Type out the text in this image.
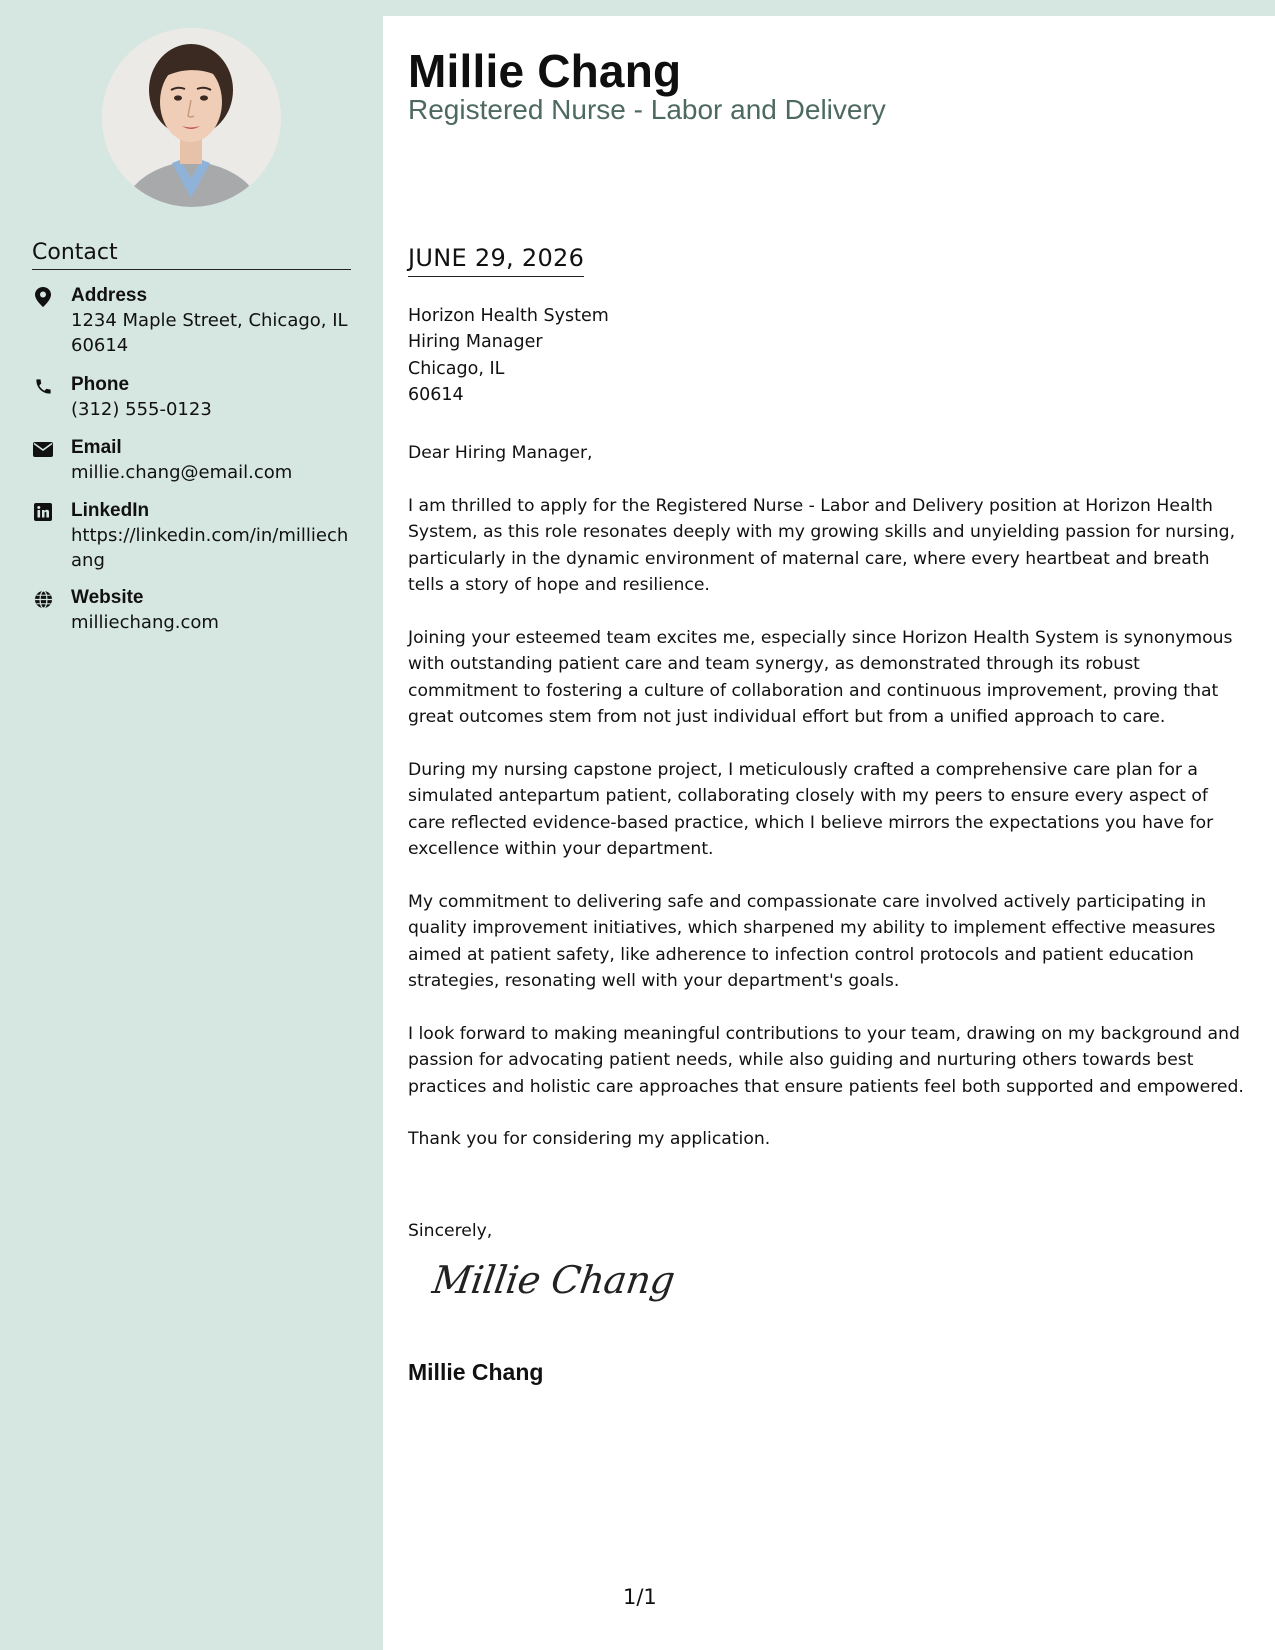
Contact
Address
1234 Maple Street, Chicago, IL 60614
Phone
(312) 555-0123
Email
millie.chang@email.com
LinkedIn
https://linkedin.com/in/milliechang
Website
milliechang.com
Millie Chang
Registered Nurse - Labor and Delivery
JUNE 29, 2026
Horizon Health System
Hiring Manager
Chicago, IL
60614

Dear Hiring Manager,

I am thrilled to apply for the Registered Nurse - Labor and Delivery position at Horizon Health System, as this role resonates deeply with my growing skills and unyielding passion for nursing, particularly in the dynamic environment of maternal care, where every heartbeat and breath tells a story of hope and resilience.

Joining your esteemed team excites me, especially since Horizon Health System is synonymous with outstanding patient care and team synergy, as demonstrated through its robust commitment to fostering a culture of collaboration and continuous improvement, proving that great outcomes stem from not just individual effort but from a unified approach to care.

During my nursing capstone project, I meticulously crafted a comprehensive care plan for a simulated antepartum patient, collaborating closely with my peers to ensure every aspect of care reflected evidence-based practice, which I believe mirrors the expectations you have for excellence within your department.

My commitment to delivering safe and compassionate care involved actively participating in quality improvement initiatives, which sharpened my ability to implement effective measures aimed at patient safety, like adherence to infection control protocols and patient education strategies, resonating well with your department's goals.

I look forward to making meaningful contributions to your team, drawing on my background and passion for advocating patient needs, while also guiding and nurturing others towards best practices and holistic care approaches that ensure patients feel both supported and empowered.

Thank you for considering my application.

Sincerely,
Millie Chang
Millie Chang
1/1
